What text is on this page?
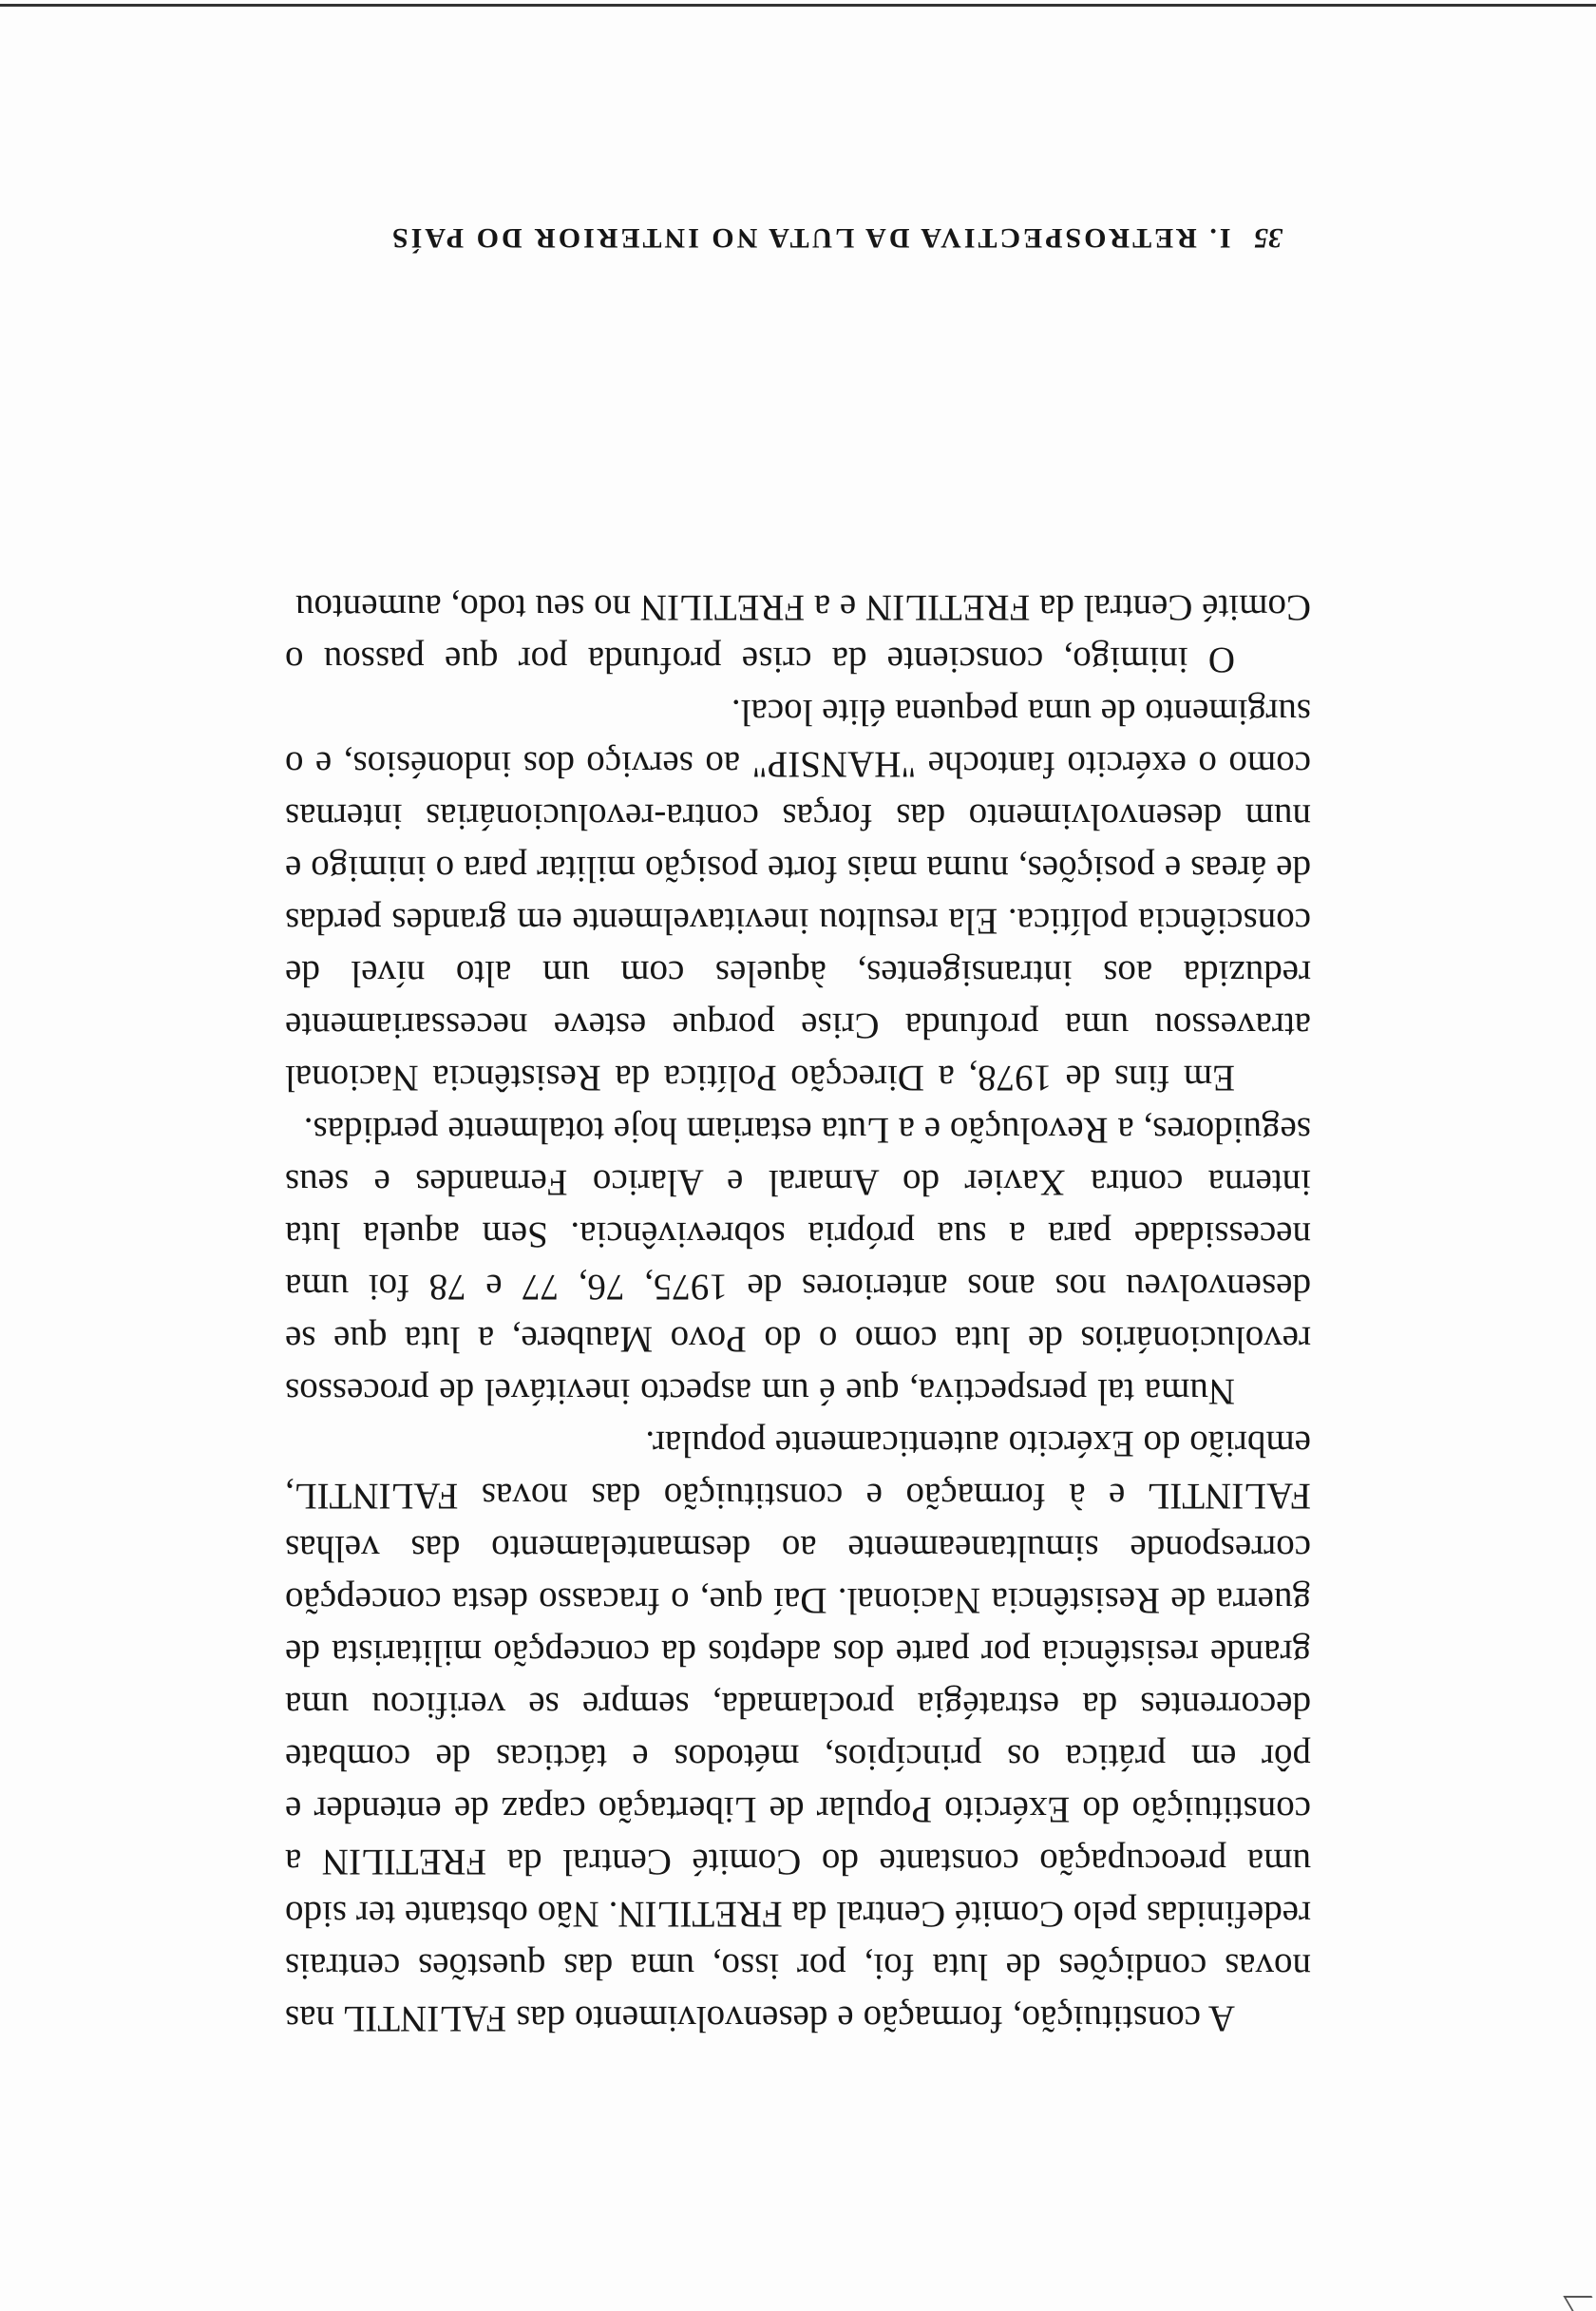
A constituição, formação e desenvolvimento das FALINTIL nas novas condições de luta foi, por isso, uma das questões centrais redefinidas pelo Comité Central da FRETILIN. Não obstante ter sido uma preocupação constante do Comité Central da FRETILIN a constituição do Exército Popular de Libertação capaz de entender e pôr em prática os princípios, métodos e tácticas de combate decorrentes da estratégia proclamada, sempre se verificou uma grande resistência por parte dos adeptos da concepção militarista de guerra de Resistência Nacional. Daí que, o fracasso desta concepção corresponde simultaneamente ao desmantelamento das velhas FALINTIL e à formação e constituição das novas FALINTIL, embrião do Exército autenticamente popular.

Numa tal perspectiva, que é um aspecto inevitável de processos revolucionários de luta como o do Povo Maubere, a luta que se desenvolveu nos anos anteriores de 1975, 76, 77 e 78 foi uma necessidade para a sua própria sobrevivência. Sem aquela luta interna contra Xavier do Amaral e Alarico Fernandes e seus seguidores, a Revolução e a Luta estariam hoje totalmente perdidas.

Em fins de 1978, a Direcção Política da Resistência Nacional atravessou uma profunda Crise porque esteve necessariamente reduzida aos intransigentes, àqueles com um alto nível de consciência política. Ela resultou inevitavelmente em grandes perdas de áreas e posições, numa mais forte posição militar para o inimigo e num desenvolvimento das forças contra-revolucionárias internas como o exército fantoche "HANSIP" ao serviço dos indonésios, e o surgimento de uma pequena élite local.

O inimigo, consciente da crise profunda por que passou o Comité Central da FRETILIN e a FRETILIN no seu todo, aumentou

35 I. RETROSPECTIVA DA LUTA NO INTERIOR DO PAÍS
